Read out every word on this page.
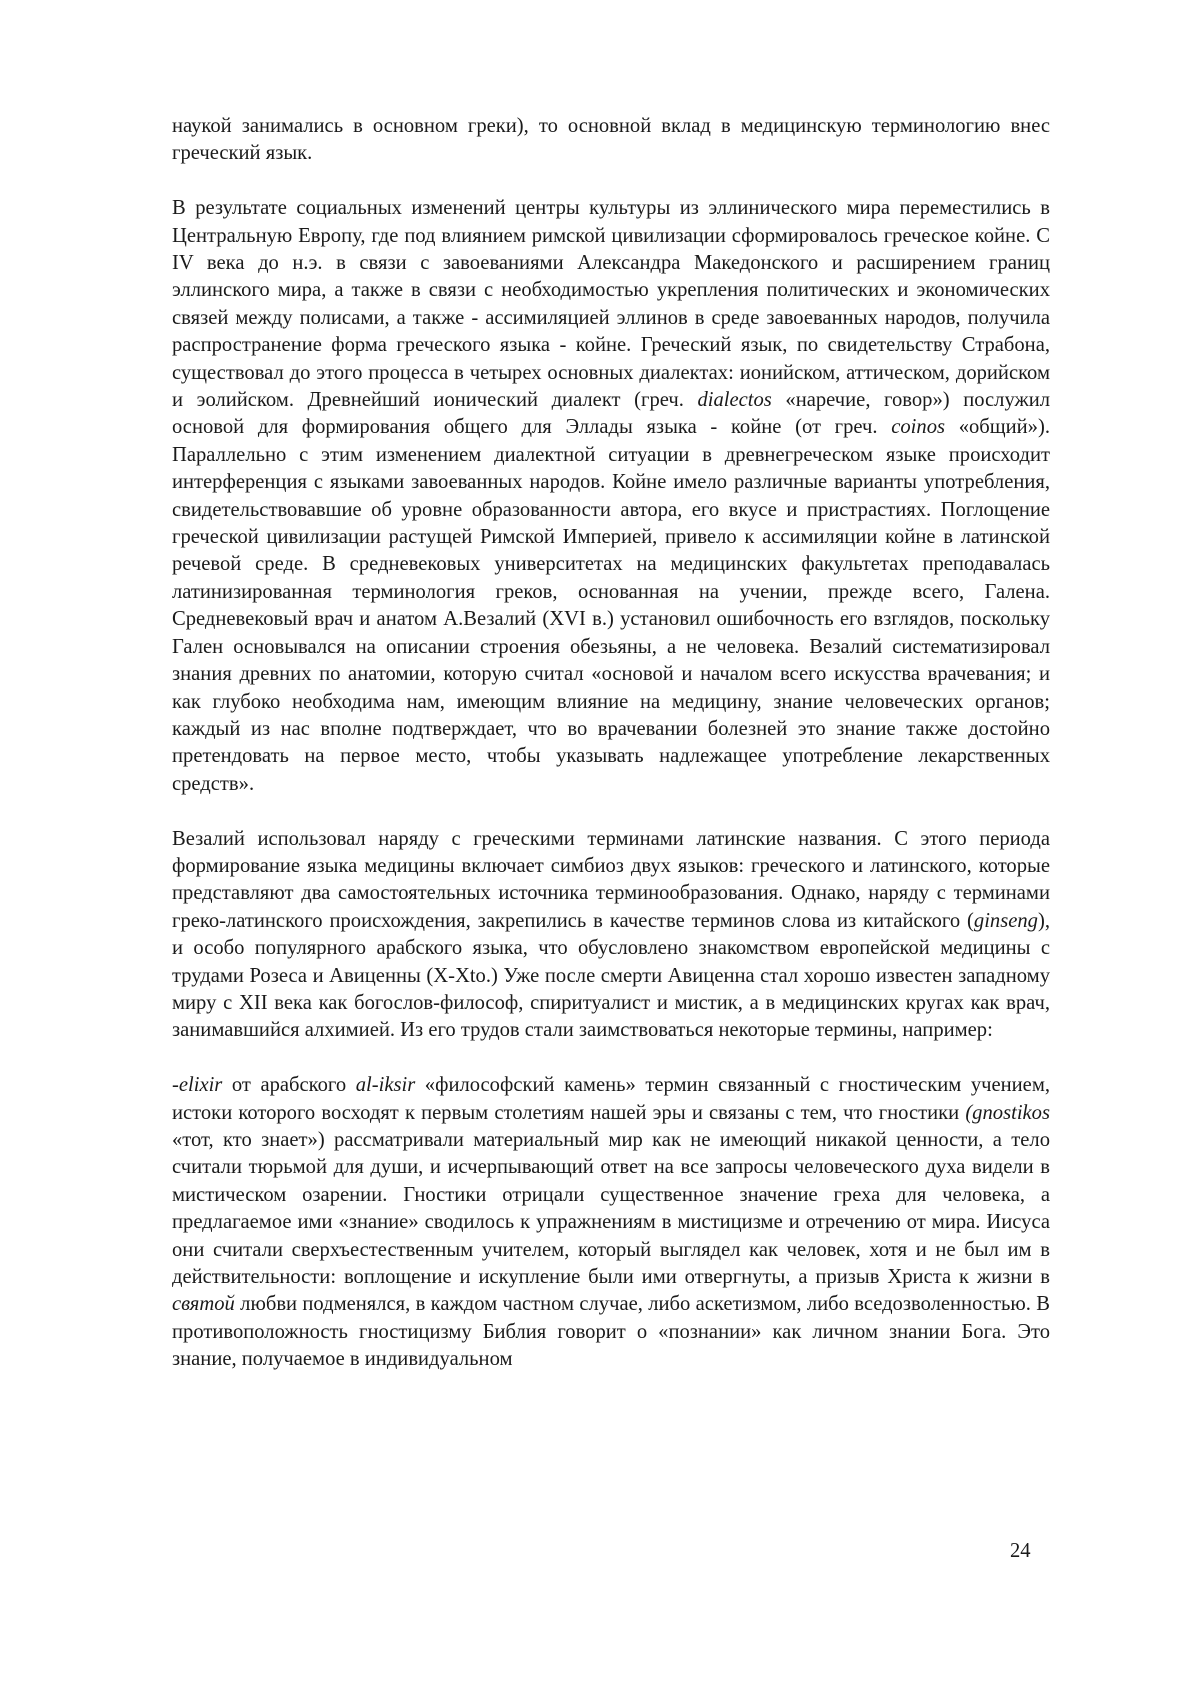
наукой занимались в основном греки), то основной вклад в медицинскую терминологию внес греческий язык.

В результате социальных изменений центры культуры из эллинического мира переместились в Центральную Европу, где под влиянием римской цивилизации сформировалось греческое койне. С IV века до н.э. в связи с завоеваниями Александра Македонского и расширением границ эллинского мира, а также в связи с необходимостью укрепления политических и экономических связей между полисами, а также - ассимиляцией эллинов в среде завоеванных народов, получила распространение форма греческого языка - койне. Греческий язык, по свидетельству Страбона, существовал до этого процесса в четырех основных диалектах: ионийском, аттическом, дорийском и эолийском. Древнейший ионический диалект (греч. dialectos «наречие, говор») послужил основой для формирования общего для Эллады языка - койне (от греч. coinos «общий»). Параллельно с этим изменением диалектной ситуации в древнегреческом языке происходит интерференция с языками завоеванных народов. Койне имело различные варианты употребления, свидетельствовавшие об уровне образованности автора, его вкусе и пристрастиях. Поглощение греческой цивилизации растущей Римской Империей, привело к ассимиляции койне в латинской речевой среде. В средневековых университетах на медицинских факультетах преподавалась латинизированная терминология греков, основанная на учении, прежде всего, Галена. Средневековый врач и анатом А.Везалий (XVI в.) установил ошибочность его взглядов, поскольку Гален основывался на описании строения обезьяны, а не человека. Везалий систематизировал знания древних по анатомии, которую считал «основой и началом всего искусства врачевания; и как глубоко необходима нам, имеющим влияние на медицину, знание человеческих органов; каждый из нас вполне подтверждает, что во врачевании болезней это знание также достойно претендовать на первое место, чтобы указывать надлежащее употребление лекарственных средств».

Везалий использовал наряду с греческими терминами латинские названия. С этого периода формирование языка медицины включает симбиоз двух языков: греческого и латинского, которые представляют два самостоятельных источника терминообразования. Однако, наряду с терминами греко-латинского происхождения, закрепились в качестве терминов слова из китайского (ginseng), и особо популярного арабского языка, что обусловлено знакомством европейской медицины с трудами Розеса и Авиценны (X-Xto.) Уже после смерти Авиценна стал хорошо известен западному миру с XII века как богослов-философ, спиритуалист и мистик, а в медицинских кругах как врач, занимавшийся алхимией. Из его трудов стали заимствоваться некоторые термины, например:

-elixir от арабского al-iksir «философский камень» термин связанный с гностическим учением, истоки которого восходят к первым столетиям нашей эры и связаны с тем, что гностики (gnostikos «тот, кто знает») рассматривали материальный мир как не имеющий никакой ценности, а тело считали тюрьмой для души, и исчерпывающий ответ на все запросы человеческого духа видели в мистическом озарении. Гностики отрицали существенное значение греха для человека, а предлагаемое ими «знание» сводилось к упражнениям в мистицизме и отречению от мира. Иисуса они считали сверхъестественным учителем, который выглядел как человек, хотя и не был им в действительности: воплощение и искупление были ими отвергнуты, а призыв Христа к жизни в святой любви подменялся, в каждом частном случае, либо аскетизмом, либо вседозволенностью. В противоположность гностицизму Библия говорит о «познании» как личном знании Бога. Это знание, получаемое в индивидуальном

24
